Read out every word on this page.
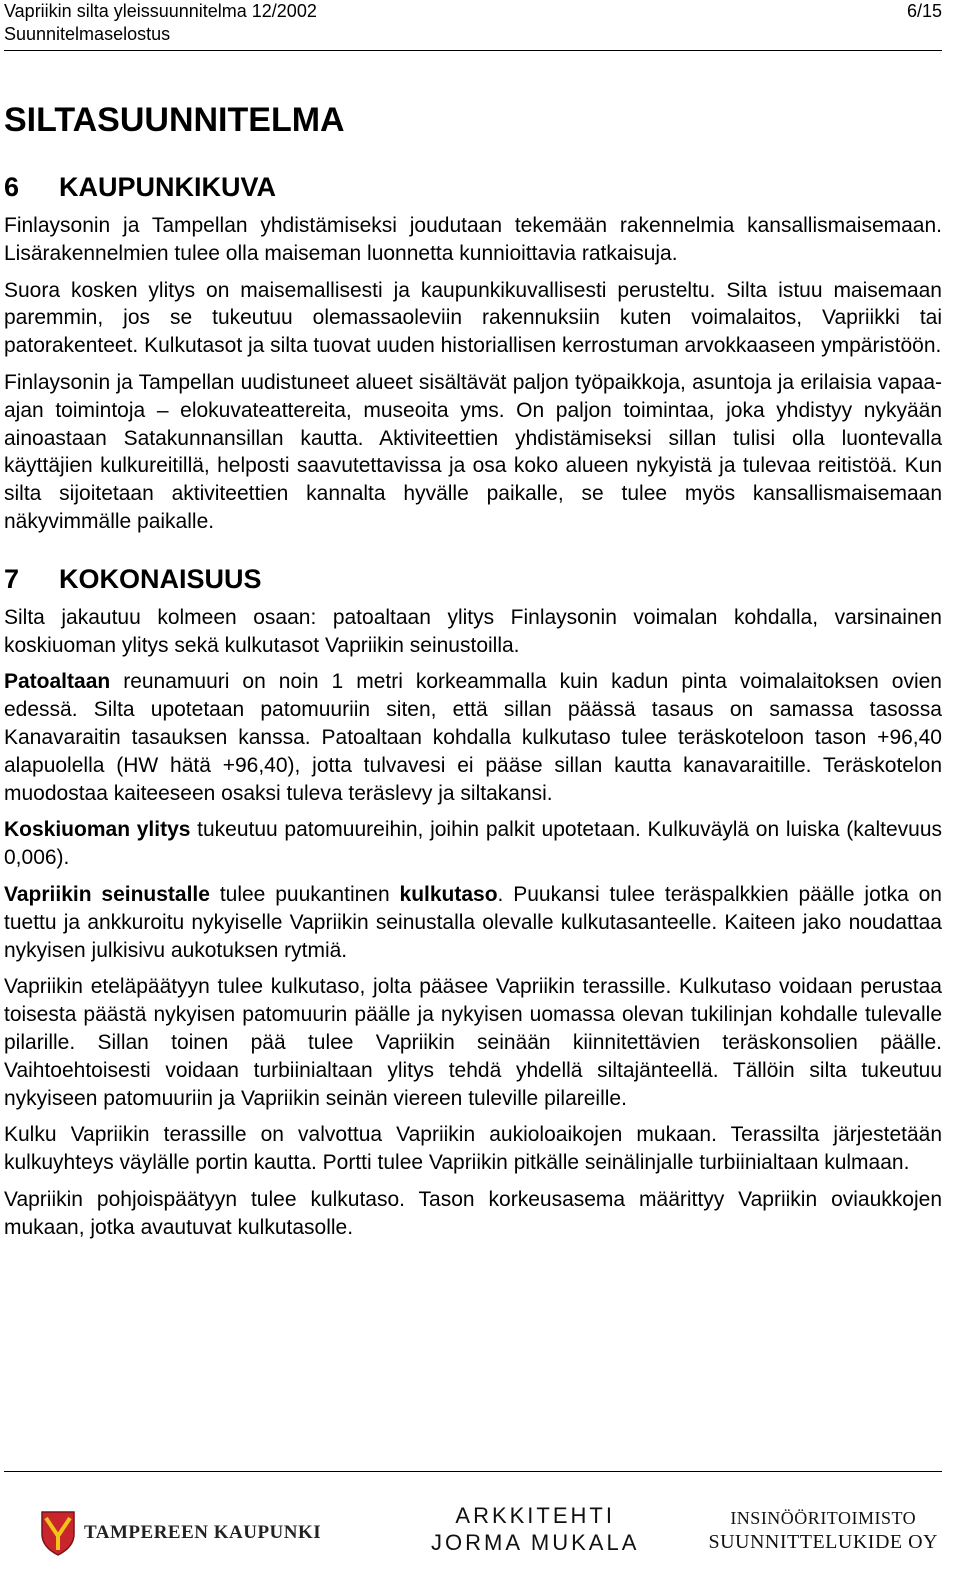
Vapriikin silta yleissuunnitelma 12/2002	6/15
Suunnitelmaselostus
SILTASUUNNITELMA
6	KAUPUNKIKUVA

Finlaysonin ja Tampellan yhdistämiseksi joudutaan tekemään rakennelmia kansallismaisemaan. Lisärakennelmien tulee olla maiseman luonnetta kunnioittavia ratkaisuja.

Suora kosken ylitys on maisemallisesti ja kaupunkikuvallisesti perusteltu. Silta istuu maisemaan paremmin, jos se tukeutuu olemassaoleviin rakennuksiin kuten voimalaitos, Vapriikki tai patorakenteet. Kulkutasot ja silta tuovat uuden historiallisen kerrostuman arvokkaaseen ympäristöön.

Finlaysonin ja Tampellan uudistuneet alueet sisältävät paljon työpaikkoja, asuntoja ja erilaisia vapaa-ajan toimintoja – elokuvateattereita, museoita yms. On paljon toimintaa, joka yhdistyy nykyään ainoastaan Satakunnansillan kautta. Aktiviteettien yhdistämiseksi sillan tulisi olla luontevalla käyttäjien kulkureitillä, helposti saavutettavissa ja osa koko alueen nykyistä ja tulevaa reitistöä. Kun silta sijoitetaan aktiviteettien kannalta hyvälle paikalle, se tulee myös kansallismaisemaan näkyvimmälle paikalle.

7	KOKONAISUUS

Silta jakautuu kolmeen osaan: patoaltaan ylitys Finlaysonin voimalan kohdalla, varsinainen koskiuoman ylitys sekä kulkutasot Vapriikin seinustoilla.

Patoaltaan reunamuuri on noin 1 metri korkeammalla kuin kadun pinta voimalaitoksen ovien edessä. Silta upotetaan patomuuriin siten, että sillan päässä tasaus on samassa tasossa Kanavaraitin tasauksen kanssa. Patoaltaan kohdalla kulkutaso tulee teräskoteloon tason +96,40 alapuolella (HW hätä +96,40), jotta tulvavesi ei pääse sillan kautta kanavaraitille. Teräskotelon muodostaa kaiteeseen osaksi tuleva teräslevy ja siltakansi.

Koskiuoman ylitys tukeutuu patomuureihin, joihin palkit upotetaan. Kulkuväylä on luiska (kaltevuus 0,006).

Vapriikin seinustalle tulee puukantinen kulkutaso. Puukansi tulee teräspalkkien päälle jotka on tuettu ja ankkuroitu nykyiselle Vapriikin seinustalla olevalle kulkutasanteelle. Kaiteen jako noudattaa nykyisen julkisivu aukotuksen rytmiä.

Vapriikin eteläpäätyyn tulee kulkutaso, jolta pääsee Vapriikin terassille. Kulkutaso voidaan perustaa toisesta päästä nykyisen patomuurin päälle ja nykyisen uomassa olevan tukilinjan kohdalle tulevalle pilarille. Sillan toinen pää tulee Vapriikin seinään kiinnitettävien teräskonsolien päälle. Vaihtoehtoisesti voidaan turbiinialtaan ylitys tehdä yhdellä siltajänteellä. Tällöin silta tukeutuu nykyiseen patomuuriin ja Vapriikin seinän viereen tuleville pilareille.

Kulku Vapriikin terassille on valvottua Vapriikin aukioloaikojen mukaan. Terassilta järjestetään kulkuyhteys väylälle portin kautta. Portti tulee Vapriikin pitkälle seinälinjalle turbiinialtaan kulmaan.

Vapriikin pohjoispäätyyn tulee kulkutaso. Tason korkeusasema määrittyy Vapriikin oviaukkojen mukaan, jotka avautuvat kulkutasolle.

TAMPEREEN KAUPUNKI
ARKKITEHTI
JORMA MUKALA
INSINÖÖRITOIMISTO
SUUNNITTELUKIDE OY
